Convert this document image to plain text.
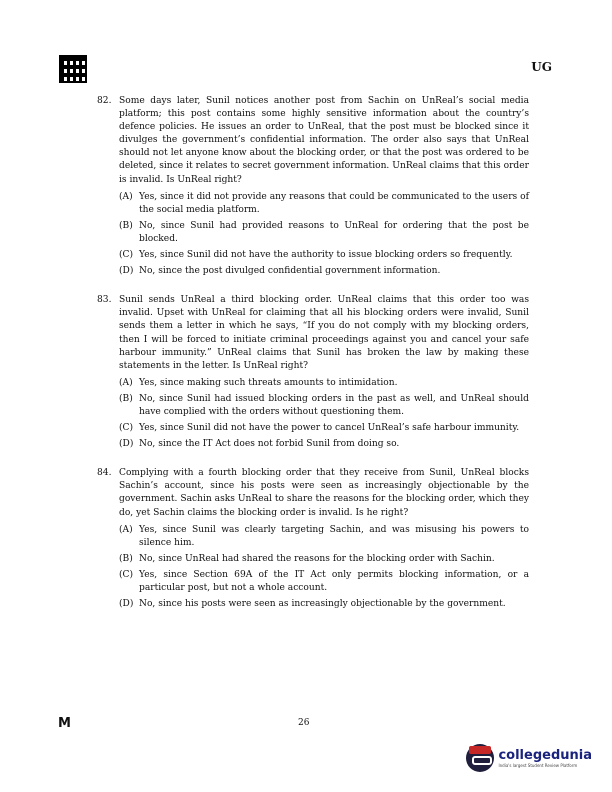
UG
82. Some days later, Sunil notices another post from Sachin on UnReal’s social media platform; this post contains some highly sensitive information about the country’s defence policies. He issues an order to UnReal, that the post must be blocked since it divulges the government’s confidential information. The order also says that UnReal should not let anyone know about the blocking order, or that the post was ordered to be deleted, since it relates to secret government information. UnReal claims that this order is invalid. Is UnReal right?

(A) Yes, since it did not provide any reasons that could be communicated to the users of the social media platform.
(B) No, since Sunil had provided reasons to UnReal for ordering that the post be blocked.
(C) Yes, since Sunil did not have the authority to issue blocking orders so frequently.
(D) No, since the post divulged confidential government information.
83. Sunil sends UnReal a third blocking order. UnReal claims that this order too was invalid. Upset with UnReal for claiming that all his blocking orders were invalid, Sunil sends them a letter in which he says, “If you do not comply with my blocking orders, then I will be forced to initiate criminal proceedings against you and cancel your safe harbour immunity.” UnReal claims that Sunil has broken the law by making these statements in the letter. Is UnReal right?

(A) Yes, since making such threats amounts to intimidation.
(B) No, since Sunil had issued blocking orders in the past as well, and UnReal should have complied with the orders without questioning them.
(C) Yes, since Sunil did not have the power to cancel UnReal’s safe harbour immunity.
(D) No, since the IT Act does not forbid Sunil from doing so.
84. Complying with a fourth blocking order that they receive from Sunil, UnReal blocks Sachin’s account, since his posts were seen as increasingly objectionable by the government. Sachin asks UnReal to share the reasons for the blocking order, which they do, yet Sachin claims the blocking order is invalid. Is he right?

(A) Yes, since Sunil was clearly targeting Sachin, and was misusing his powers to silence him.
(B) No, since UnReal had shared the reasons for the blocking order with Sachin.
(C) Yes, since Section 69A of the IT Act only permits blocking information, or a particular post, but not a whole account.
(D) No, since his posts were seen as increasingly objectionable by the government.
M	26
collegedunia
India's largest Student Review Platform
